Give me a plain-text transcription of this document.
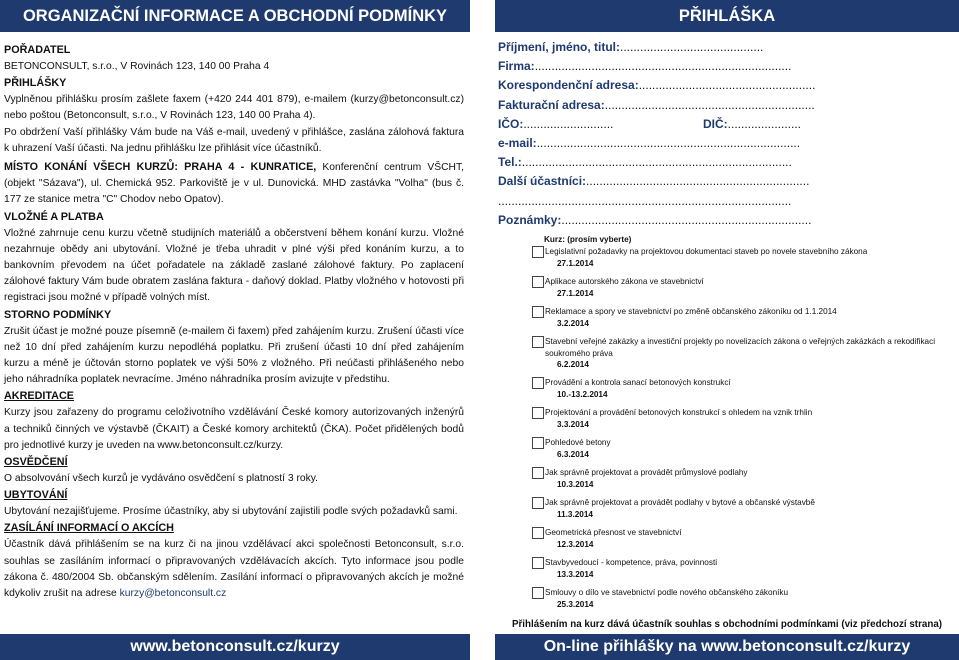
ORGANIZAČNÍ INFORMACE A OBCHODNÍ PODMÍNKY
POŘADATEL

BETONCONSULT, s.r.o., V Rovinách 123, 140 00 Praha 4

PŘIHLÁŠKY

Vyplněnou přihlášku prosím zašlete faxem (+420 244 401 879), e-mailem (kurzy@betonconsult.cz) nebo poštou (Betonconsult, s.r.o., V Rovinách 123, 140 00 Praha 4).

Po obdržení Vaší přihlášky Vám bude na Váš e-mail, uvedený v přihlášce, zaslána zálohová faktura k uhrazení Vaší účasti. Na jednu přihlášku lze přihlásit více účastníků.

MÍSTO KONÁNÍ VŠECH KURZŮ: PRAHA 4 - KUNRATICE, Konferenční centrum VŠCHT, (objekt "Sázava"), ul. Chemická 952. Parkoviště je v ul. Dunovická. MHD zastávka "Volha" (bus č. 177 ze stanice metra "C" Chodov nebo Opatov).

VLOŽNÉ A PLATBA

Vložné zahrnuje cenu kurzu včetně studijních materiálů a občerstvení během konání kurzu. Vložné nezahrnuje obědy ani ubytování. Vložné je třeba uhradit v plné výši před konáním kurzu, a to bankovním převodem na účet pořadatele na základě zaslané zálohové faktury. Po zaplacení zálohové faktury Vám bude obratem zaslána faktura - daňový doklad. Platby vložného v hotovosti při registraci jsou možné v případě volných míst.

STORNO PODMÍNKY

Zrušit účast je možné pouze písemně (e-mailem či faxem) před zahájením kurzu. Zrušení účasti více než 10 dní před zahájením kurzu nepodléhá poplatku. Při zrušení účasti 10 dní před zahájením kurzu a méně je účtován storno poplatek ve výši 50% z vložného. Při neúčasti přihlášeného nebo jeho náhradníka poplatek nevracíme. Jméno náhradníka prosím avizujte v předstihu.

AKREDITACE

Kurzy jsou zařazeny do programu celoživotního vzdělávání České komory autorizovaných inženýrů a techniků činných ve výstavbě (ČKAIT) a České komory architektů (ČKA). Počet přidělených bodů pro jednotlivé kurzy je uveden na www.betonconsult.cz/kurzy.

OSVĚDČENÍ

O absolvování všech kurzů je vydáváno osvědčení s platností 3 roky.

UBYTOVÁNÍ

Ubytování nezajišťujeme. Prosíme účastníky, aby si ubytování zajistili podle svých požadavků sami.

ZASÍLÁNÍ INFORMACÍ O AKCÍCH

Účastník dává přihlášením se na kurz či na jinou vzdělávací akci společnosti Betonconsult, s.r.o. souhlas se zasíláním informací o připravovaných vzdělávacích akcích. Tyto informace jsou podle zákona č. 480/2004 Sb. občanským sdělením. Zasílání informací o připravovaných akcích je možné kdykoliv zrušit na adrese kurzy@betonconsult.cz

www.betonconsult.cz/kurzy
PŘIHLÁŠKA
Příjmení, jméno, titul:...........................................
Firma:.............................................................................
Korespondenční adresa:.....................................................
Fakturační adresa:...............................................................
IČO:...........................	DIČ:......................
e-mail:...............................................................................
Tel.:.................................................................................
Další účastníci:...................................................................
........................................................................................
Poznámky:...........................................................................
Kurz: (prosím vyberte)
Legislativní požadavky na projektovou dokumentaci staveb po novele stavebního zákona
27.1.2014
Aplikace autorského zákona ve stavebnictví
27.1.2014
Reklamace a spory ve stavebnictví po změně občanského zákoníku od 1.1.2014
3.2.2014
Stavební veřejné zakázky a investiční projekty po novelizacích zákona o veřejných zakázkách a rekodifikaci soukromého práva
6.2.2014
Provádění a kontrola sanací betonových konstrukcí
10.-13.2.2014
Projektování a provádění betonových konstrukcí s ohledem na vznik trhlin
3.3.2014
Pohledové betony
6.3.2014
Jak správně projektovat a provádět průmyslové podlahy
10.3.2014
Jak správně projektovat a provádět podlahy v bytové a občanské výstavbě
11.3.2014
Geometrická přesnost ve stavebnictví
12.3.2014
Stavbyvedoucí - kompetence, práva, povinnosti
13.3.2014
Smlouvy o dílo ve stavebnictví podle nového občanského zákoníku
25.3.2014
Přihlášením na kurz dává účastník souhlas s obchodními podmínkami (viz předchozí strana)
On-line přihlášky na www.betonconsult.cz/kurzy
